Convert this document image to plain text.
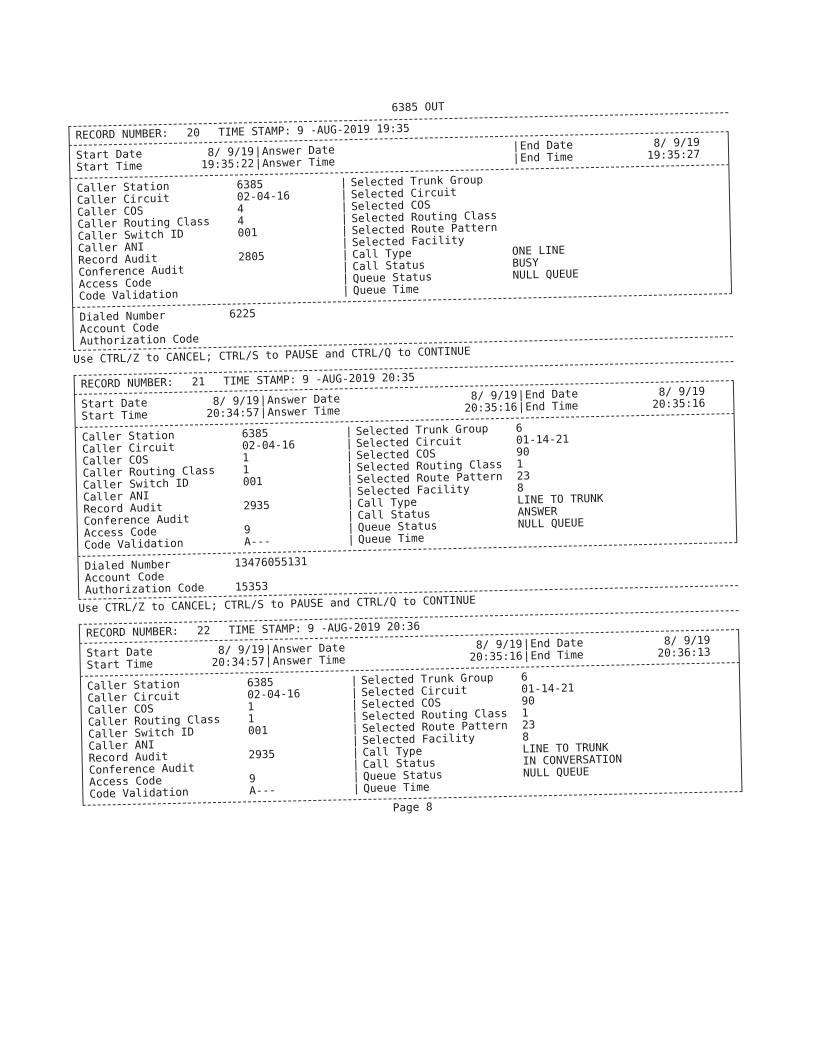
6385 OUT
RECORD NUMBER:	20	TIME STAMP: 9 -AUG-2019 19:35
Start Date	8/ 9/19 | Answer Date	| End Date	8/ 9/19
Start Time	19:35:22 | Answer Time	| End Time	19:35:27
Caller Station	6385	| Selected Trunk Group
Caller Circuit	02-04-16	| Selected Circuit
Caller COS	4	| Selected COS
Caller Routing Class	4	| Selected Routing Class
Caller Switch ID	001	| Selected Route Pattern
Caller ANI	| Selected Facility
Record Audit	2805	| Call Type	ONE LINE
Conference Audit	| Call Status	BUSY
Access Code	| Queue Status	NULL QUEUE
Code Validation	| Queue Time
Dialed Number	6225
Account Code
Authorization Code
Use CTRL/Z to CANCEL; CTRL/S to PAUSE and CTRL/Q to CONTINUE
RECORD NUMBER:	21	TIME STAMP: 9 -AUG-2019 20:35
Start Date	8/ 9/19 | Answer Date	8/ 9/19 | End Date	8/ 9/19
Start Time	20:34:57 | Answer Time	20:35:16 | End Time	20:35:16
Caller Station	6385	| Selected Trunk Group	6
Caller Circuit	02-04-16	| Selected Circuit	01-14-21
Caller COS	1	| Selected COS	90
Caller Routing Class	1	| Selected Routing Class	1
Caller Switch ID	001	| Selected Route Pattern	23
Caller ANI	| Selected Facility	8
Record Audit	2935	| Call Type	LINE TO TRUNK
Conference Audit	| Call Status	ANSWER
Access Code	9	| Queue Status	NULL QUEUE
Code Validation	A---	| Queue Time
Dialed Number	13476055131
Account Code
Authorization Code	15353
Use CTRL/Z to CANCEL; CTRL/S to PAUSE and CTRL/Q to CONTINUE
RECORD NUMBER:	22	TIME STAMP: 9 -AUG-2019 20:36
Start Date	8/ 9/19 | Answer Date	8/ 9/19 | End Date	8/ 9/19
Start Time	20:34:57 | Answer Time	20:35:16 | End Time	20:36:13
Caller Station	6385	| Selected Trunk Group	6
Caller Circuit	02-04-16	| Selected Circuit	01-14-21
Caller COS	1	| Selected COS	90
Caller Routing Class	1	| Selected Routing Class	1
Caller Switch ID	001	| Selected Route Pattern	23
Caller ANI	| Selected Facility	8
Record Audit	2935	| Call Type	LINE TO TRUNK
Conference Audit	| Call Status	IN CONVERSATION
Access Code	9	| Queue Status	NULL QUEUE
Code Validation	A---	| Queue Time
Page 8
